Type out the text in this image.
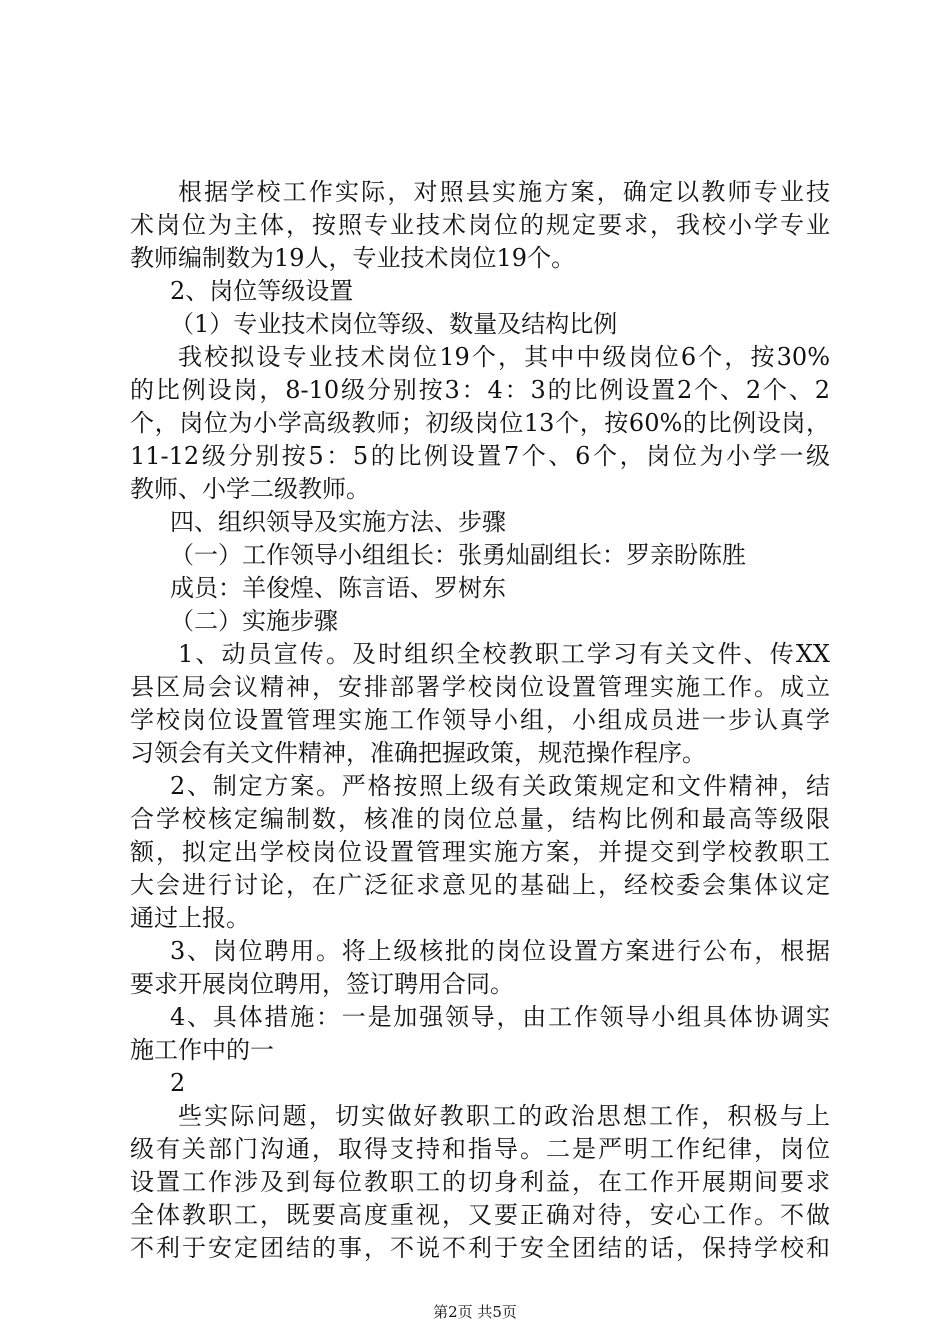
根据学校工作实际，对照县实施方案，确定以教师专业技
术岗位为主体，按照专业技术岗位的规定要求，我校小学专业
教师编制数为19人，专业技术岗位19个。
2、岗位等级设置
（1）专业技术岗位等级、数量及结构比例
我校拟设专业技术岗位19个，其中中级岗位6个，按30%
的比例设岗，8-10级分别按3：4：3的比例设置2个、2个、2
个，岗位为小学高级教师；初级岗位13个，按60%的比例设岗，
11-12级分别按5：5的比例设置7个、6个，岗位为小学一级
教师、小学二级教师。
四、组织领导及实施方法、步骤
（一）工作领导小组组长：张勇灿副组长：罗亲盼陈胜
成员：羊俊煌、陈言语、罗树东
（二）实施步骤
1、动员宣传。及时组织全校教职工学习有关文件、传XX
县区局会议精神，安排部署学校岗位设置管理实施工作。成立
学校岗位设置管理实施工作领导小组，小组成员进一步认真学
习领会有关文件精神，准确把握政策，规范操作程序。
2、制定方案。严格按照上级有关政策规定和文件精神，结
合学校核定编制数，核准的岗位总量，结构比例和最高等级限
额，拟定出学校岗位设置管理实施方案，并提交到学校教职工
大会进行讨论，在广泛征求意见的基础上，经校委会集体议定
通过上报。
3、岗位聘用。将上级核批的岗位设置方案进行公布，根据
要求开展岗位聘用，签订聘用合同。
4、具体措施：一是加强领导，由工作领导小组具体协调实
施工作中的一
2
些实际问题，切实做好教职工的政治思想工作，积极与上
级有关部门沟通，取得支持和指导。二是严明工作纪律，岗位
设置工作涉及到每位教职工的切身利益，在工作开展期间要求
全体教职工，既要高度重视，又要正确对待，安心工作。不做
不利于安定团结的事，不说不利于安全团结的话，保持学校和
第2页 共5页
